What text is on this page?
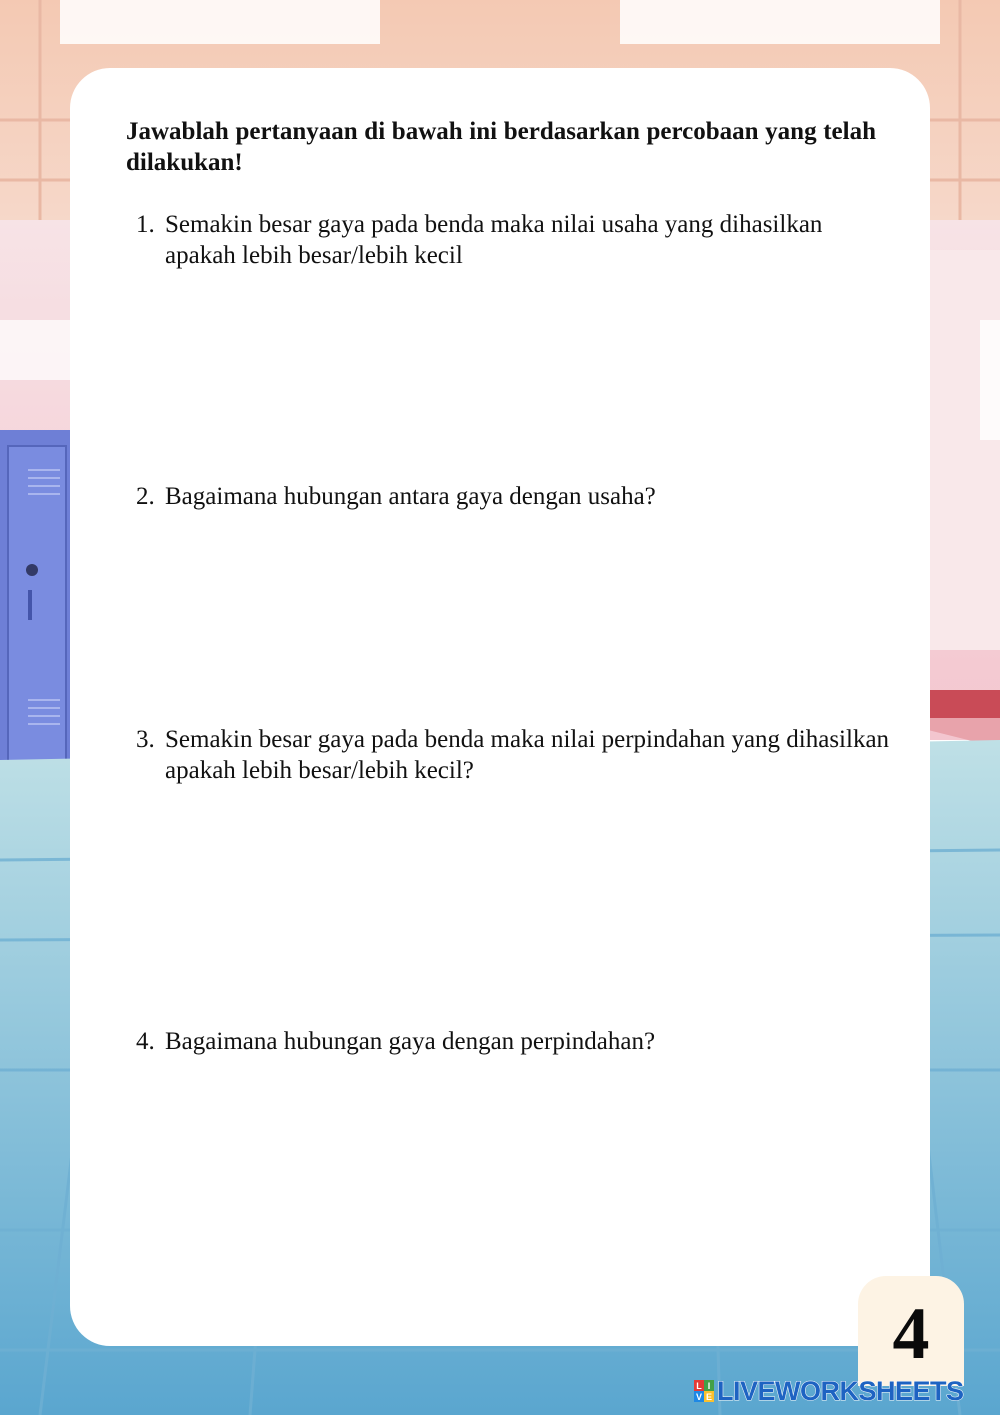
Jawablah pertanyaan di bawah ini berdasarkan percobaan yang telah dilakukan!
1. Semakin besar gaya pada benda maka nilai usaha yang dihasilkan apakah lebih besar/lebih kecil
2. Bagaimana hubungan antara gaya dengan usaha?
3. Semakin besar gaya pada benda maka nilai perpindahan yang dihasilkan apakah lebih besar/lebih kecil?
4. Bagaimana hubungan gaya dengan perpindahan?
4
L I
V E LIVEWORKSHEETS
